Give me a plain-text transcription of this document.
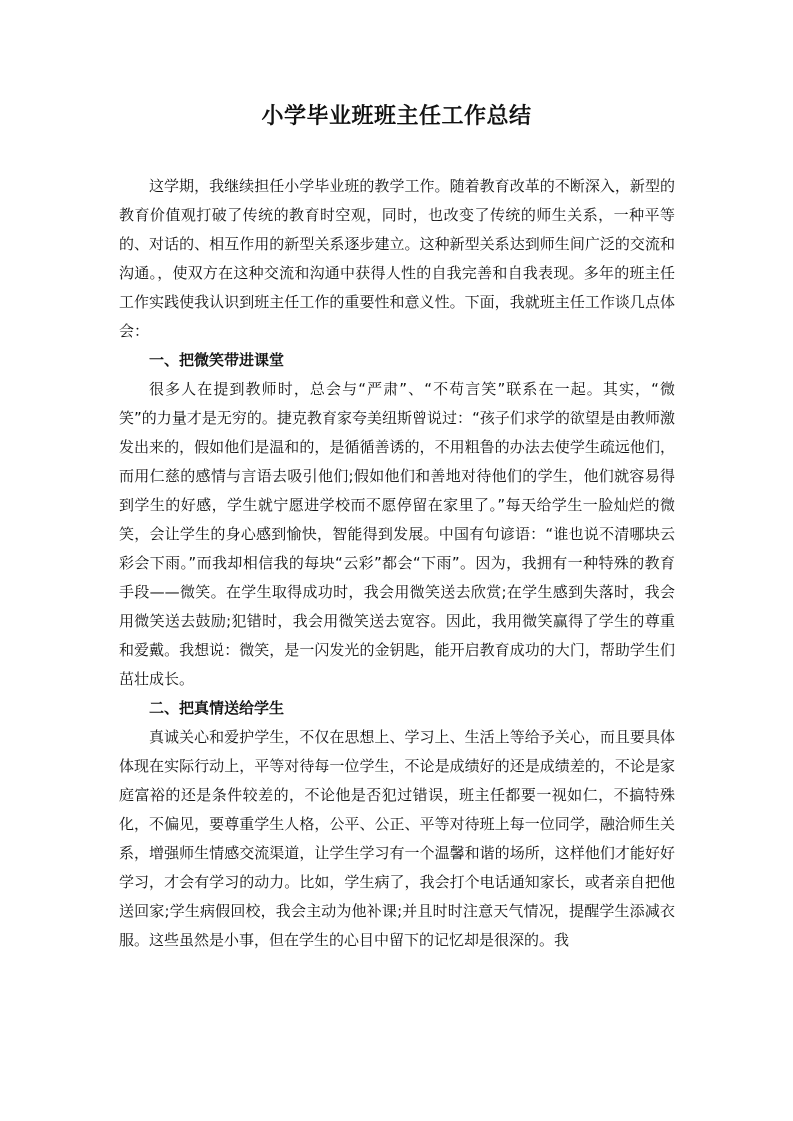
小学毕业班班主任工作总结

这学期，我继续担任小学毕业班的教学工作。随着教育改革的不断深入，新型的教育价值观打破了传统的教育时空观，同时，也改变了传统的师生关系，一种平等的、对话的、相互作用的新型关系逐步建立。这种新型关系达到师生间广泛的交流和沟通。，使双方在这种交流和沟通中获得人性的自我完善和自我表现。多年的班主任工作实践使我认识到班主任工作的重要性和意义性。下面，我就班主任工作谈几点体会：

一、把微笑带进课堂

很多人在提到教师时，总会与“严肃”、“不苟言笑”联系在一起。其实，“微笑”的力量才是无穷的。捷克教育家夸美纽斯曾说过：“孩子们求学的欲望是由教师激发出来的，假如他们是温和的，是循循善诱的，不用粗鲁的办法去使学生疏远他们，而用仁慈的感情与言语去吸引他们;假如他们和善地对待他们的学生，他们就容易得到学生的好感，学生就宁愿进学校而不愿停留在家里了。”每天给学生一脸灿烂的微笑，会让学生的身心感到愉快，智能得到发展。中国有句谚语：“谁也说不清哪块云彩会下雨。”而我却相信我的每块“云彩”都会“下雨”。因为，我拥有一种特殊的教育手段——微笑。在学生取得成功时，我会用微笑送去欣赏;在学生感到失落时，我会用微笑送去鼓励;犯错时，我会用微笑送去宽容。因此，我用微笑赢得了学生的尊重和爱戴。我想说：微笑，是一闪发光的金钥匙，能开启教育成功的大门，帮助学生们茁壮成长。

二、把真情送给学生

真诚关心和爱护学生，不仅在思想上、学习上、生活上等给予关心，而且要具体体现在实际行动上，平等对待每一位学生，不论是成绩好的还是成绩差的，不论是家庭富裕的还是条件较差的，不论他是否犯过错误，班主任都要一视如仁，不搞特殊化，不偏见，要尊重学生人格，公平、公正、平等对待班上每一位同学，融洽师生关系，增强师生情感交流渠道，让学生学习有一个温馨和谐的场所，这样他们才能好好学习，才会有学习的动力。比如，学生病了，我会打个电话通知家长，或者亲自把他送回家;学生病假回校，我会主动为他补课;并且时时注意天气情况，提醒学生添减衣服。这些虽然是小事，但在学生的心目中留下的记忆却是很深的。我
